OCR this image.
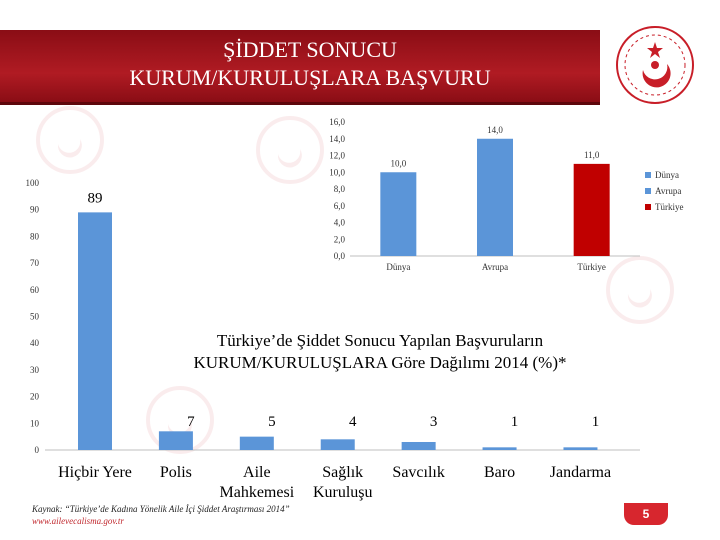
ŞİDDET SONUCU
KURUM/KURULUŞLARA BAŞVURU
0
10
20
30
40
50
60
70
80
90
100
89
Hiçbir Yere
7
Polis
5
Aile
Mahkemesi
4
Sağlık
Kuruluşu
3
Savcılık
1
Baro
1
Jandarma
0,0
2,0
4,0
6,0
8,0
10,0
12,0
14,0
16,0
10,0
Dünya
14,0
Avrupa
11,0
Türkiye
Dünya
Avrupa
Türkiye
Türkiye’de Şiddet Sonucu Yapılan Başvuruların KURUM/KURULUŞLARA Göre Dağılımı 2014 (%)*
Kaynak: “Türkiye’de Kadına Yönelik Aile İçi Şiddet Araştırması 2014”
www.ailevecalisma.gov.tr	5
